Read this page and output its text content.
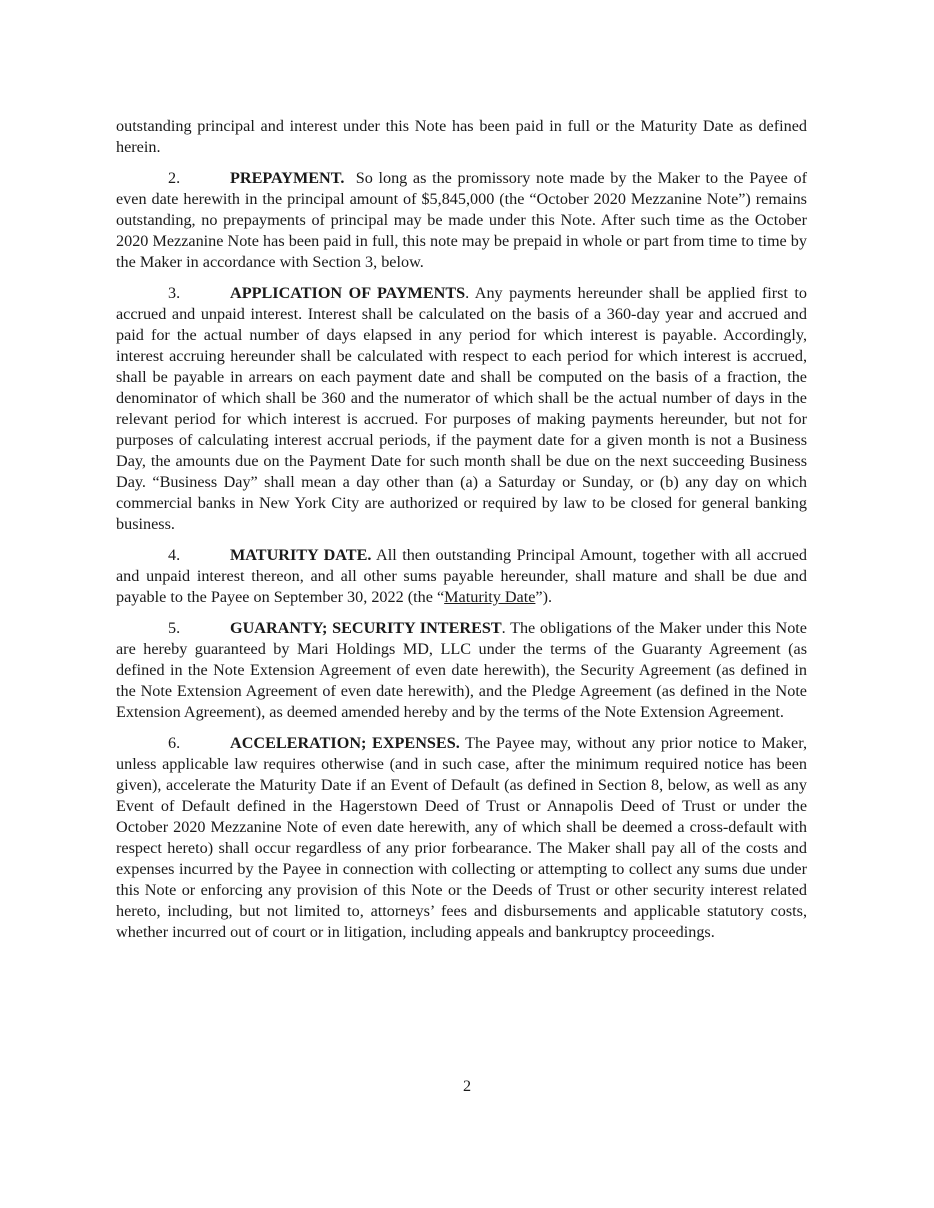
outstanding principal and interest under this Note has been paid in full or the Maturity Date as defined herein.

2.	PREPAYMENT. So long as the promissory note made by the Maker to the Payee of even date herewith in the principal amount of $5,845,000 (the “October 2020 Mezzanine Note”) remains outstanding, no prepayments of principal may be made under this Note. After such time as the October 2020 Mezzanine Note has been paid in full, this note may be prepaid in whole or part from time to time by the Maker in accordance with Section 3, below.

3.	APPLICATION OF PAYMENTS. Any payments hereunder shall be applied first to accrued and unpaid interest. Interest shall be calculated on the basis of a 360-day year and accrued and paid for the actual number of days elapsed in any period for which interest is payable. Accordingly, interest accruing hereunder shall be calculated with respect to each period for which interest is accrued, shall be payable in arrears on each payment date and shall be computed on the basis of a fraction, the denominator of which shall be 360 and the numerator of which shall be the actual number of days in the relevant period for which interest is accrued. For purposes of making payments hereunder, but not for purposes of calculating interest accrual periods, if the payment date for a given month is not a Business Day, the amounts due on the Payment Date for such month shall be due on the next succeeding Business Day. “Business Day” shall mean a day other than (a) a Saturday or Sunday, or (b) any day on which commercial banks in New York City are authorized or required by law to be closed for general banking business.

4.	MATURITY DATE. All then outstanding Principal Amount, together with all accrued and unpaid interest thereon, and all other sums payable hereunder, shall mature and shall be due and payable to the Payee on September 30, 2022 (the “Maturity Date”).

5.	GUARANTY; SECURITY INTEREST. The obligations of the Maker under this Note are hereby guaranteed by Mari Holdings MD, LLC under the terms of the Guaranty Agreement (as defined in the Note Extension Agreement of even date herewith), the Security Agreement (as defined in the Note Extension Agreement of even date herewith), and the Pledge Agreement (as defined in the Note Extension Agreement), as deemed amended hereby and by the terms of the Note Extension Agreement.

6.	ACCELERATION; EXPENSES. The Payee may, without any prior notice to Maker, unless applicable law requires otherwise (and in such case, after the minimum required notice has been given), accelerate the Maturity Date if an Event of Default (as defined in Section 8, below, as well as any Event of Default defined in the Hagerstown Deed of Trust or Annapolis Deed of Trust or under the October 2020 Mezzanine Note of even date herewith, any of which shall be deemed a cross-default with respect hereto) shall occur regardless of any prior forbearance. The Maker shall pay all of the costs and expenses incurred by the Payee in connection with collecting or attempting to collect any sums due under this Note or enforcing any provision of this Note or the Deeds of Trust or other security interest related hereto, including, but not limited to, attorneys’ fees and disbursements and applicable statutory costs, whether incurred out of court or in litigation, including appeals and bankruptcy proceedings.

2
